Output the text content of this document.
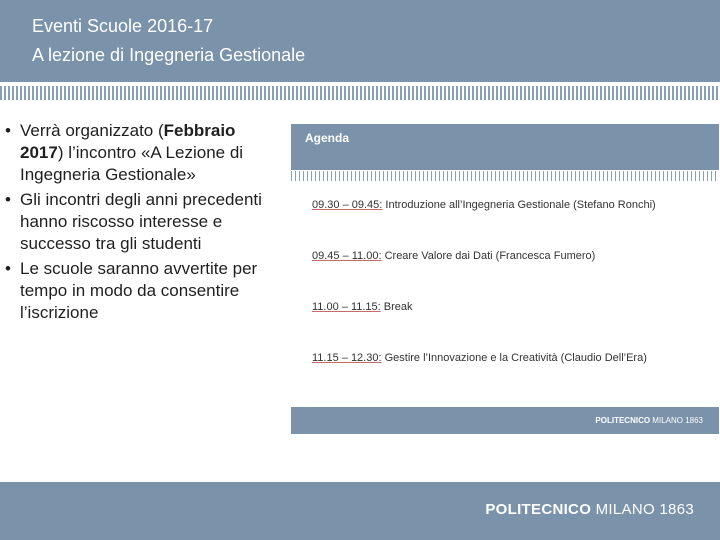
Eventi Scuole 2016-17
A lezione di Ingegneria Gestionale
•
Verrà organizzato (Febbraio 2017) l’incontro «A Lezione di Ingegneria Gestionale»
•
Gli incontri degli anni precedenti hanno riscosso interesse e successo tra gli studenti
•
Le scuole saranno avvertite per tempo in modo da consentire l’iscrizione
Agenda
09.30 – 09.45: Introduzione all’Ingegneria Gestionale (Stefano Ronchi)
09.45 – 11.00: Creare Valore dai Dati (Francesca Fumero)
11.00 – 11.15: Break
11.15 – 12.30: Gestire l’Innovazione e la Creatività (Claudio Dell’Era)
POLITECNICO MILANO 1863
POLITECNICO MILANO 1863
